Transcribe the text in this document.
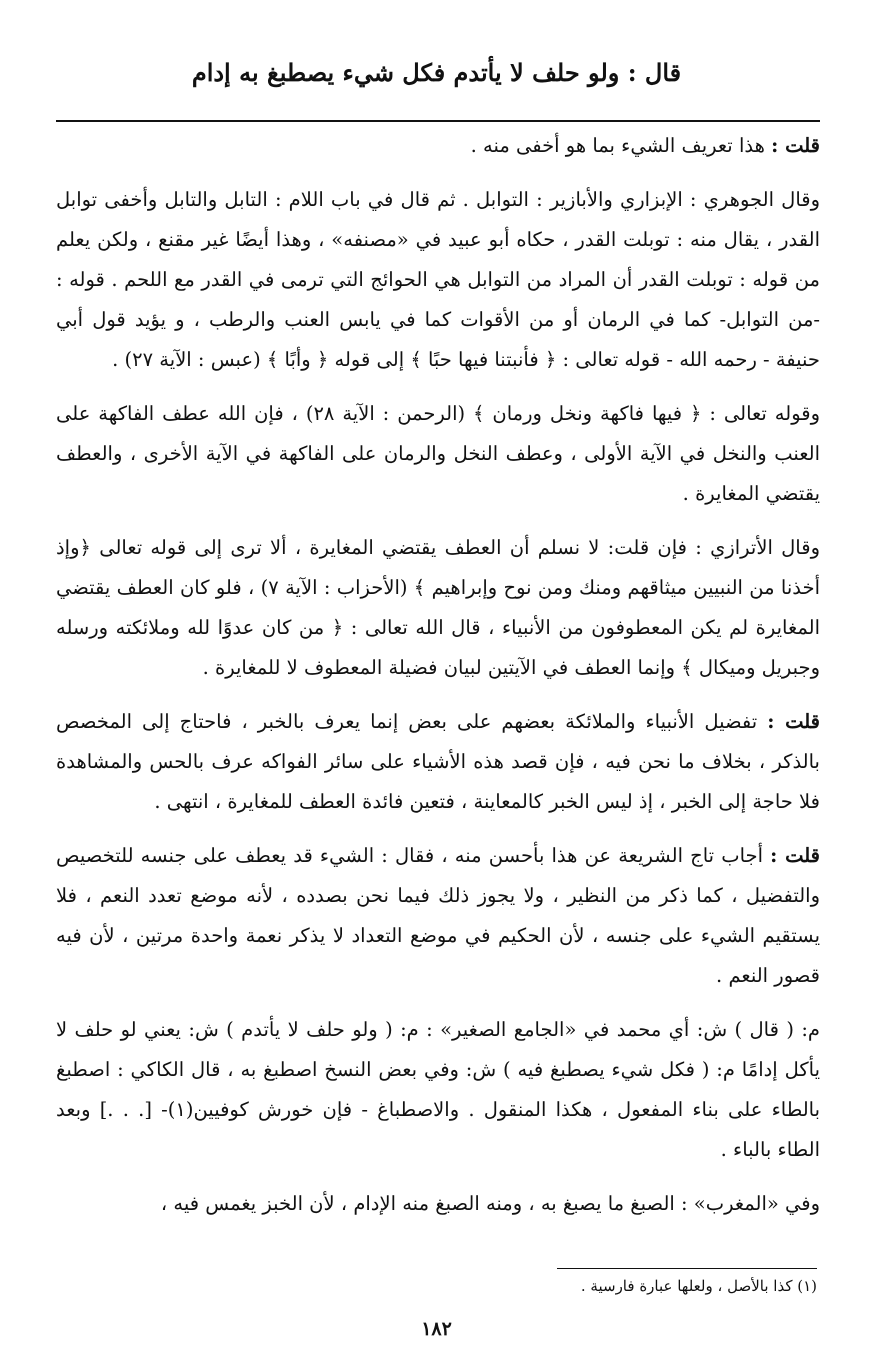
قال : ولو حلف لا يأتدم فكل شيء يصطبغ به إدام

قلت : هذا تعريف الشيء بما هو أخفى منه .

وقال الجوهري : الإبزاري والأبازير : التوابل . ثم قال في باب اللام : التابل والتابل وأخفى توابل القدر ، يقال منه : توبلت القدر ، حكاه أبو عبيد في «مصنفه» ، وهذا أيضًا غير مقنع ، ولكن يعلم من قوله : توبلت القدر أن المراد من التوابل هي الحوائج التي ترمى في القدر مع اللحم . قوله : -من التوابل- كما في الرمان أو من الأقوات كما في يابس العنب والرطب ، و يؤيد قول أبي حنيفة - رحمه الله - قوله تعالى : ﴿ فأنبتنا فيها حبًا ﴾ إلى قوله ﴿ وأبًا ﴾ (عبس : الآية ٢٧) .

وقوله تعالى : ﴿ فيها فاكهة ونخل ورمان ﴾ (الرحمن : الآية ٢٨) ، فإن الله عطف الفاكهة على العنب والنخل في الآية الأولى ، وعطف النخل والرمان على الفاكهة في الآية الأخرى ، والعطف يقتضي المغايرة .

وقال الأترازي : فإن قلت: لا نسلم أن العطف يقتضي المغايرة ، ألا ترى إلى قوله تعالى ﴿وإذ أخذنا من النبيين ميثاقهم ومنك ومن نوح وإبراهيم ﴾ (الأحزاب : الآية ٧) ، فلو كان العطف يقتضي المغايرة لم يكن المعطوفون من الأنبياء ، قال الله تعالى : ﴿ من كان عدوًا لله وملائكته ورسله وجبريل وميكال ﴾ وإنما العطف في الآيتين لبيان فضيلة المعطوف لا للمغايرة .

قلت : تفضيل الأنبياء والملائكة بعضهم على بعض إنما يعرف بالخبر ، فاحتاج إلى المخصص بالذكر ، بخلاف ما نحن فيه ، فإن قصد هذه الأشياء على سائر الفواكه عرف بالحس والمشاهدة فلا حاجة إلى الخبر ، إذ ليس الخبر كالمعاينة ، فتعين فائدة العطف للمغايرة ، انتهى .

قلت : أجاب تاج الشريعة عن هذا بأحسن منه ، فقال : الشيء قد يعطف على جنسه للتخصيص والتفضيل ، كما ذكر من النظير ، ولا يجوز ذلك فيما نحن بصدده ، لأنه موضع تعدد النعم ، فلا يستقيم الشيء على جنسه ، لأن الحكيم في موضع التعداد لا يذكر نعمة واحدة مرتين ، لأن فيه قصور النعم .

م: ( قال ) ش: أي محمد في «الجامع الصغير» : م: ( ولو حلف لا يأتدم ) ش: يعني لو حلف لا يأكل إدامًا م: ( فكل شيء يصطبغ فيه ) ش: وفي بعض النسخ اصطبغ به ، قال الكاكي : اصطبغ بالطاء على بناء المفعول ، هكذا المنقول . والاصطباغ - فإن خورش كوفيين(١)- [. . .] وبعد الطاء بالباء .

وفي «المغرب» : الصبغ ما يصبغ به ، ومنه الصبغ منه الإدام ، لأن الخبز يغمس فيه ،

(١) كذا بالأصل ، ولعلها عبارة فارسية .
١٨٢
